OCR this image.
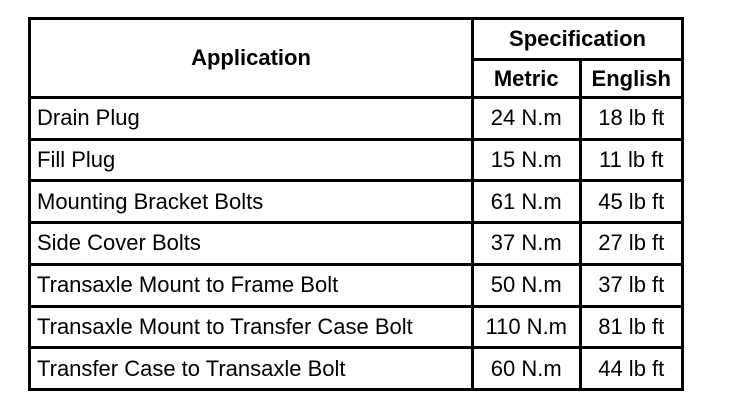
Application	Specification	
	Metric	English
Drain Plug	24 N.m	18 lb ft
Fill Plug	15 N.m	11 lb ft
Mounting Bracket Bolts	61 N.m	45 lb ft
Side Cover Bolts	37 N.m	27 lb ft
Transaxle Mount to Frame Bolt	50 N.m	37 lb ft
Transaxle Mount to Transfer Case Bolt	110 N.m	81 lb ft
Transfer Case to Transaxle Bolt	60 N.m	44 lb ft
